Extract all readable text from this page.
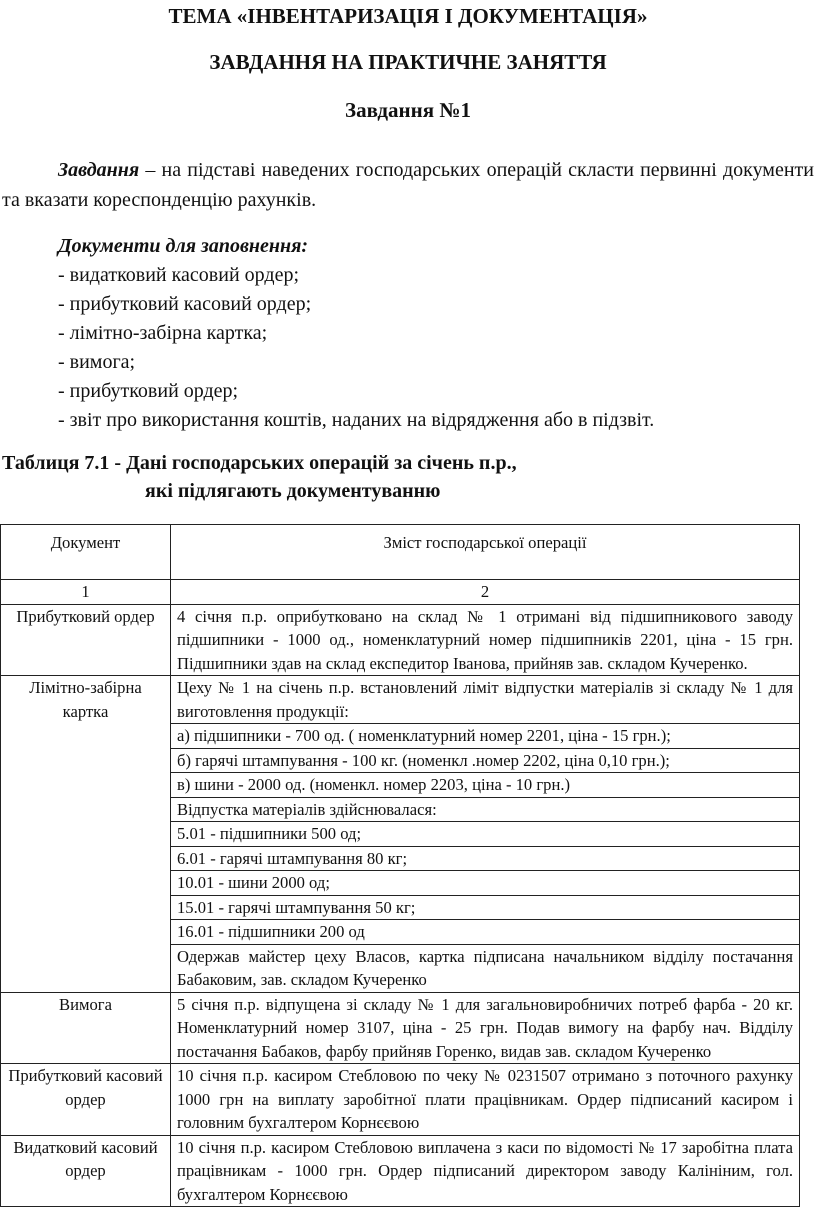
ТЕМА «ІНВЕНТАРИЗАЦІЯ І ДОКУМЕНТАЦІЯ»
ЗАВДАННЯ НА ПРАКТИЧНЕ ЗАНЯТТЯ
Завдання №1
Завдання – на підставі наведених господарських операцій скласти первинні документи та вказати кореспонденцію рахунків.
Документи для заповнення:
- видатковий касовий ордер;
- прибутковий касовий ордер;
- лімітно-забірна картка;
- вимога;
- прибутковий ордер;
- звіт про використання коштів, наданих на відрядження або в підзвіт.
Таблиця 7.1 - Дані господарських операцій за січень п.р.,
які підлягають документуванню
Документ	Зміст господарської операції
1	2
Прибутковий ордер	4 січня п.р. оприбутковано на склад № 1 отримані від підшипникового заводу підшипники - 1000 од., номенклатурний номер підшипників 2201, ціна - 15 грн. Підшипники здав на склад експедитор Іванова, прийняв зав. складом Кучеренко.
Лімітно-забірна картка	Цеху № 1 на січень п.р. встановлений ліміт відпустки матеріалів зі складу № 1 для виготовлення продукції:
	а) підшипники - 700 од. ( номенклатурний номер 2201, ціна - 15 грн.);
	б) гарячі штампування - 100 кг. (номенкл .номер 2202, ціна 0,10 грн.);
	в) шини - 2000 од. (номенкл. номер 2203, ціна - 10 грн.)
	Відпустка матеріалів здійснювалася:
	5.01 - підшипники 500 од;
	6.01 - гарячі штампування 80 кг;
	10.01 - шини 2000 од;
	15.01 - гарячі штампування 50 кг;
	16.01 - підшипники 200 од
	Одержав майстер цеху Власов, картка підписана начальником відділу постачання Бабаковим, зав. складом Кучеренко
Вимога	5 січня п.р. відпущена зі складу № 1 для загальновиробничих потреб фарба - 20 кг. Номенклатурний номер 3107, ціна - 25 грн. Подав вимогу на фарбу нач. Відділу постачання Бабаков, фарбу прийняв Горенко, видав зав. складом Кучеренко
Прибутковий касовий ордер	10 січня п.р. касиром Стебловою по чеку № 0231507 отримано з поточного рахунку 1000 грн на виплату заробітної плати працівникам. Ордер підписаний касиром і головним бухгалтером Корнєєвою
Видатковий касовий ордер	10 січня п.р. касиром Стебловою виплачена з каси по відомості № 17 заробітна плата працівникам - 1000 грн. Ордер підписаний директором заводу Калініним, гол. бухгалтером Корнєєвою
